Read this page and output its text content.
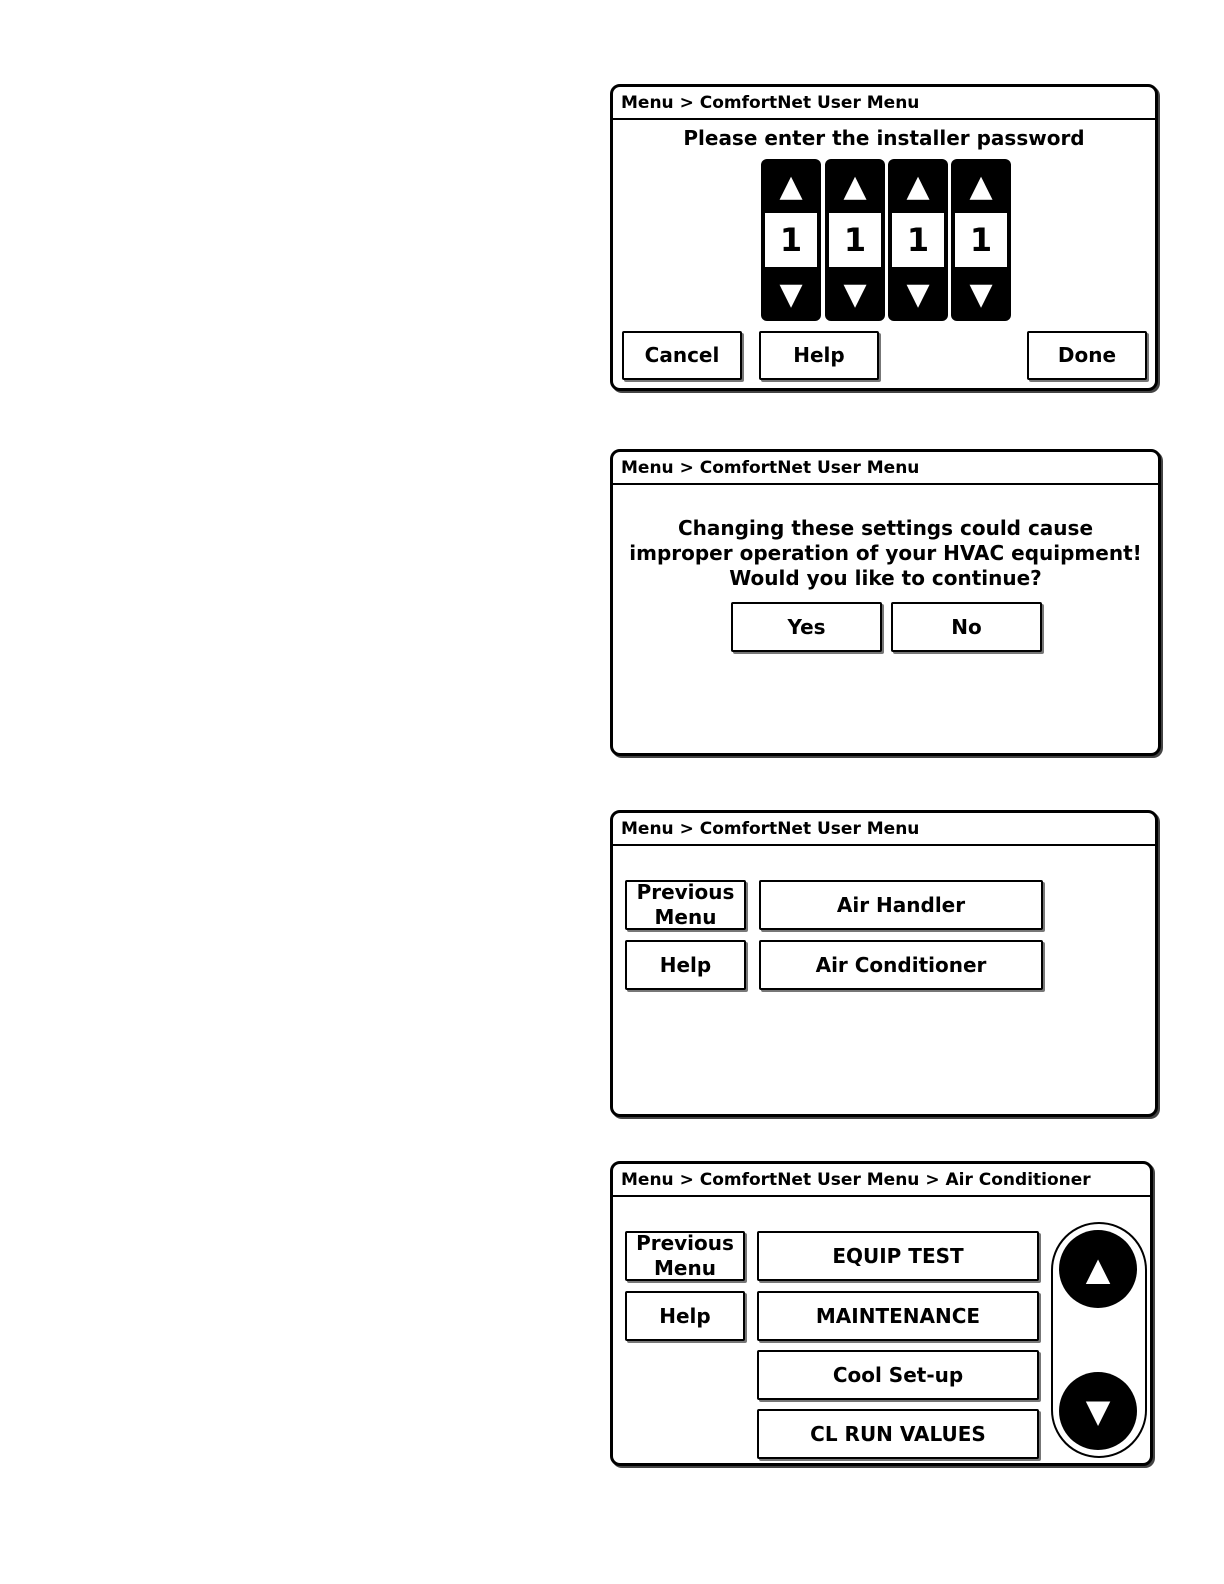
Menu > ComfortNet User Menu
Please enter the installer password
▲
1
▼
▲
1
▼
▲
1
▼
▲
1
▼
Cancel	Help	Done
Menu > ComfortNet User Menu
Changing these settings could cause improper operation of your HVAC equipment! Would you like to continue?
Yes	No
Menu > ComfortNet User Menu
Previous Menu
Help
Air Handler
Air Conditioner
Menu > ComfortNet User Menu > Air Conditioner
Previous Menu
Help
EQUIP TEST
MAINTENANCE
Cool Set-up
CL RUN VALUES
▲
▼
